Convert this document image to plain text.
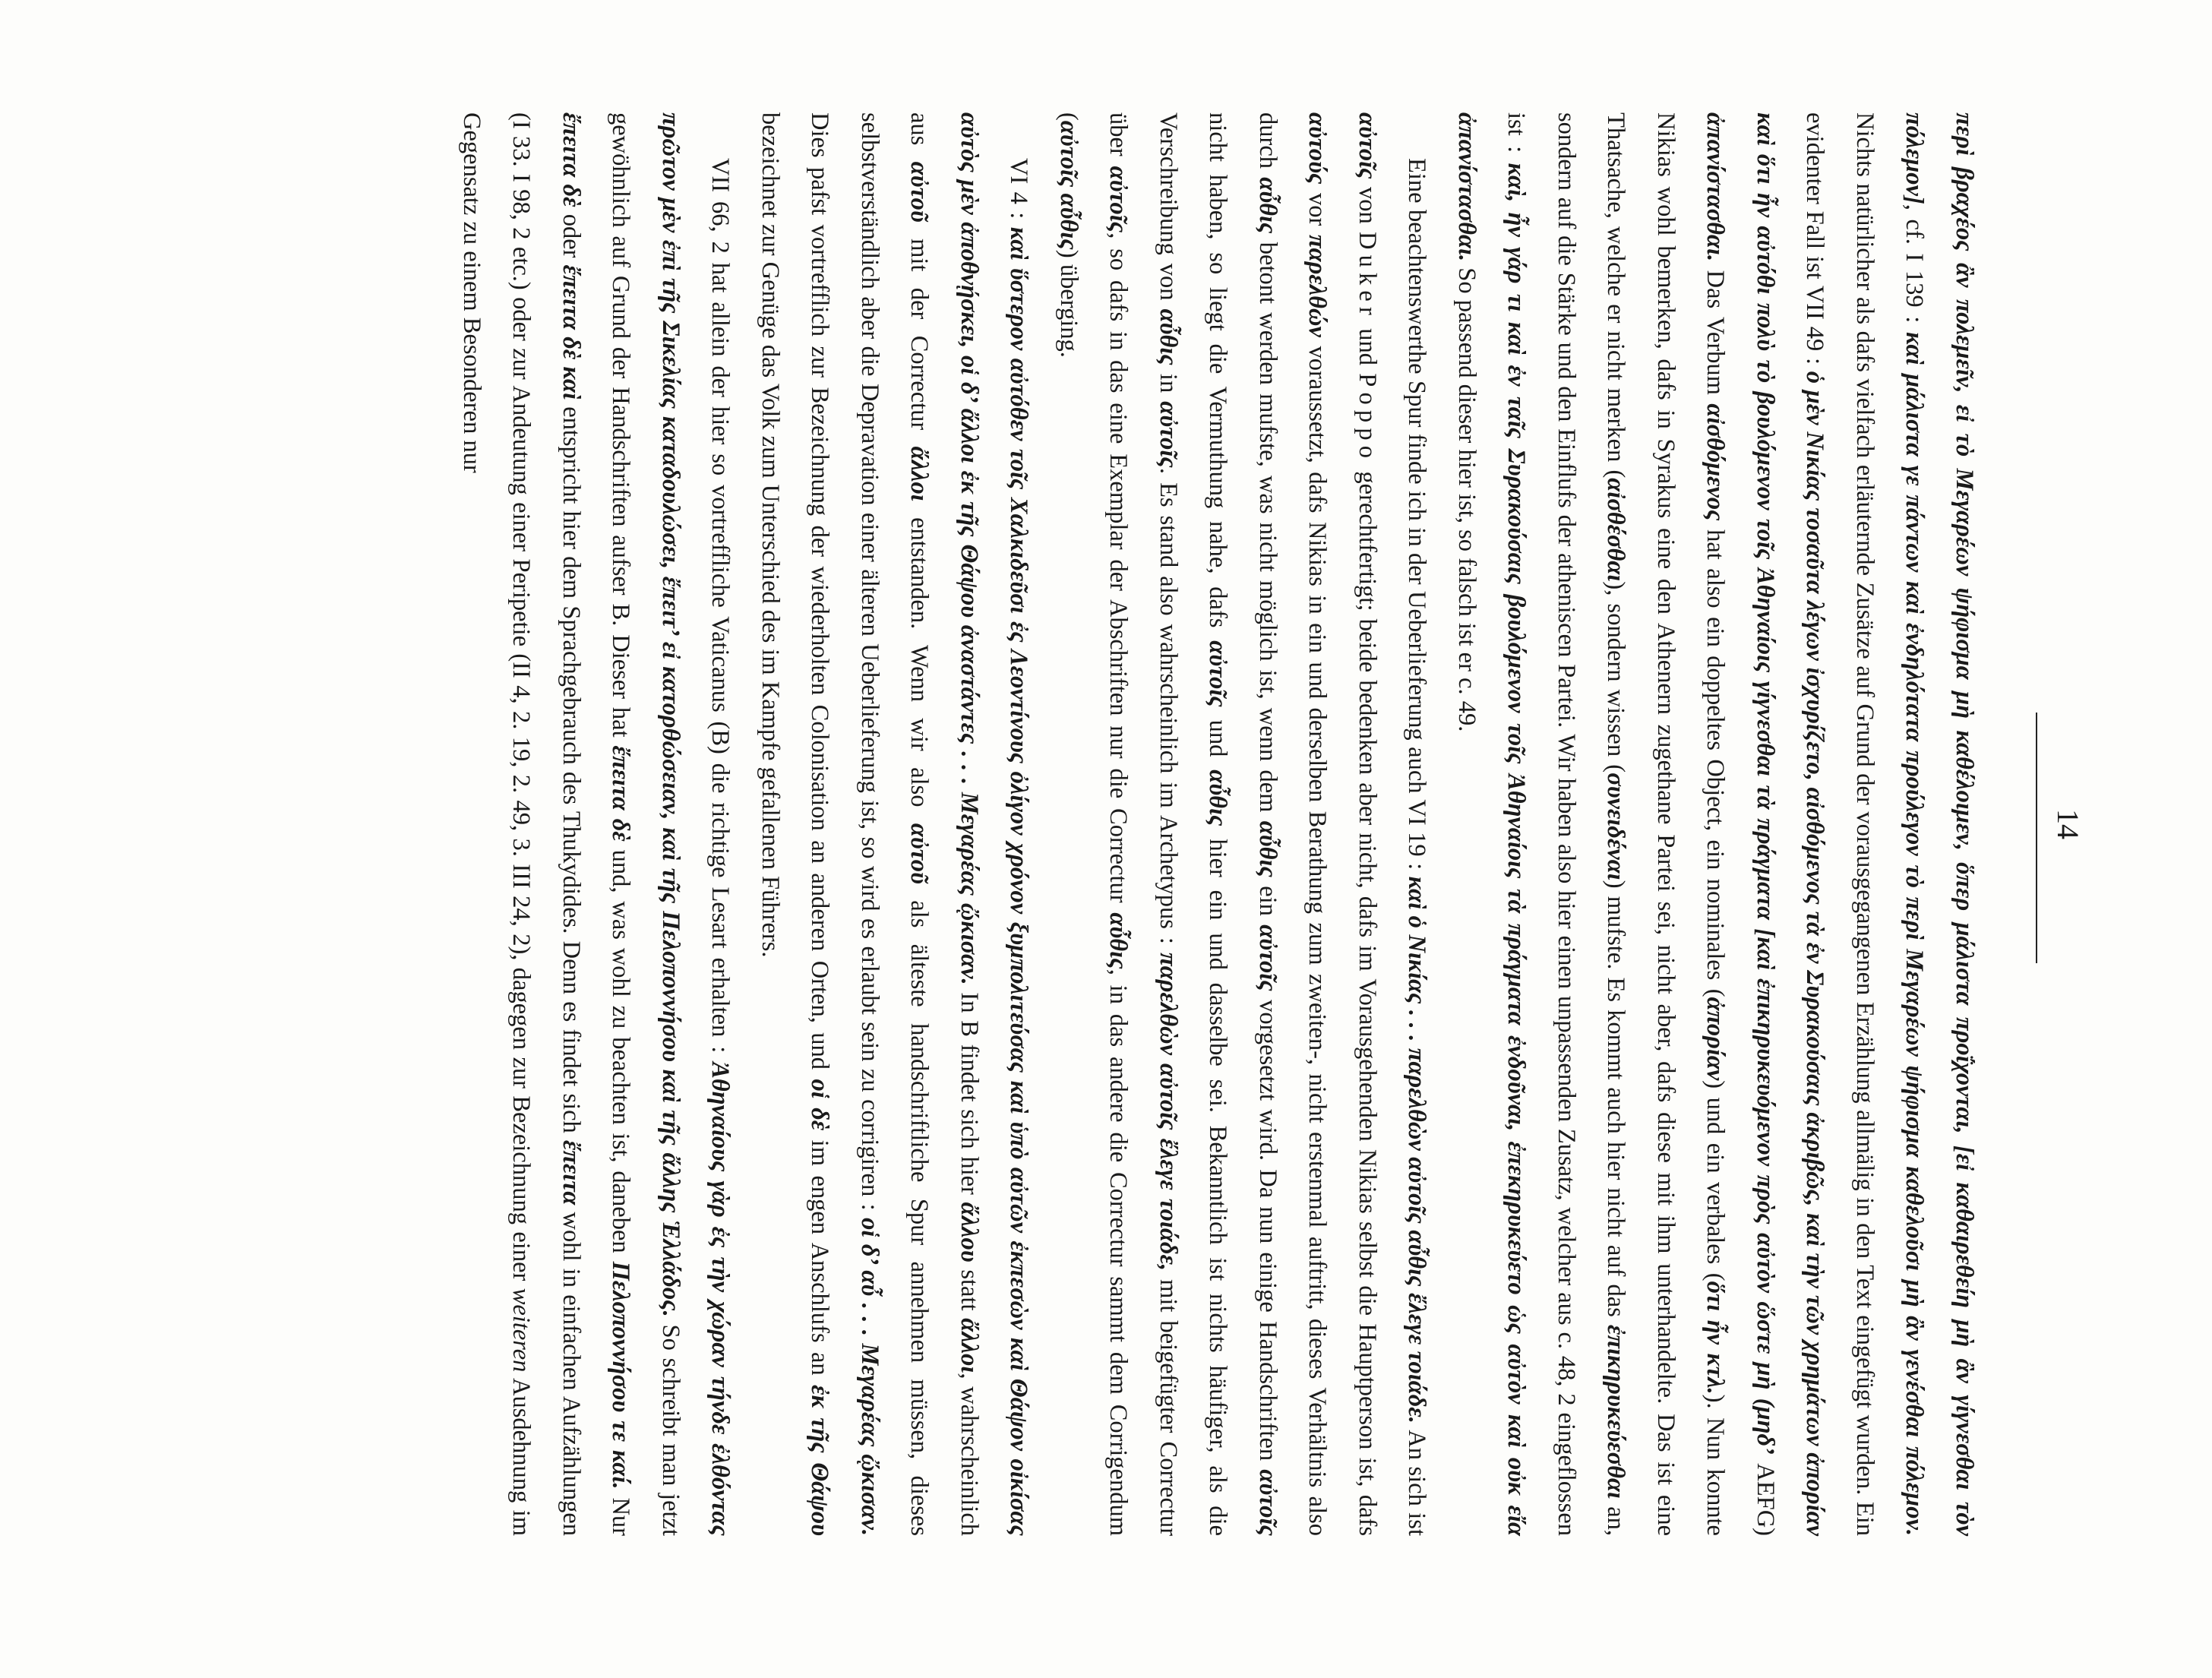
14

περὶ βραχέος ἂν πολεμεῖν, εἰ τὸ Μεγαρέων ψήφισμα μὴ καθέλοιμεν, ὅπερ μάλιστα προΐχονται, [εἰ καθαιρεθείη μὴ ἂν γίγνεσθαι τὸν πόλεμον], cf. I 139 : καὶ μάλιστα γε πάντων καὶ ἐνδηλότατα προύλεγον τὸ περὶ Μεγαρέων ψήφισμα καθελοῦσι μὴ ἂν γενέσθαι πόλεμον. Nichts natürlicher als dafs vielfach erläuternde Zusätze auf Grund der vorausgegangenen Erzählung allmälig in den Text eingefügt wurden. Ein evidenter Fall ist VII 49 : ὁ μὲν Νικίας τοσαῦτα λέγων ἰσχυρίζετο, αἰσθόμενος τὰ ἐν Συρακούσαις ἀκριβῶς, καὶ τὴν τῶν χρημάτων ἀπορίαν καὶ ὅτι ἦν αὐτόθι πολὺ τὸ βουλόμενον τοῖς Ἀθηναίοις γίγνεσθαι τὰ πράγματα [καὶ ἐπικηρυκευόμενον πρὸς αὐτὸν ὥστε μὴ (μηδ’ AEFG) ἀπανίστασθαι. Das Verbum αἰσθόμενος hat also ein doppeltes Object, ein nominales (ἀπορίαν) und ein verbales (ὅτι ἦν κτλ.). Nun konnte Nikias wohl bemerken, dafs in Syrakus eine den Athenern zugethane Partei sei, nicht aber, dafs diese mit ihm unterhandelte. Das ist eine Thatsache, welche er nicht merken (αἰσθέσθαι), sondern wissen (συνειδέναι) mufste. Es kommt auch hier nicht auf das ἐπικηρυκεύεσθαι an, sondern auf die Stärke und den Einflufs der atheniscen Partei. Wir haben also hier einen unpassenden Zusatz, welcher aus c. 48, 2 eingeflossen ist : καὶ, ἦν γάρ τι καὶ ἐν ταῖς Συρακούσαις βουλόμενον τοῖς Ἀθηναίοις τὰ πράγματα ἐνδοῦναι, ἐπεκηρυκεύετο ὡς αὐτὸν καὶ οὐκ εἴα ἀπανίστασθαι. So passend dieser hier ist, so falsch ist er c. 49.

Eine beachtenswerthe Spur finde ich in der Ueberlieferung auch VI 19 : καὶ ὁ Νικίας . . . παρελθὼν αὐτοῖς αὖθις ἔλεγε τοιάδε. An sich ist αὐτοῖς von Duker und Poppo gerechtfertigt; beide bedenken aber nicht, dafs im Vorausgehenden Nikias selbst die Hauptperson ist, dafs αὐτούς vor παρελθών voraussetzt, dafs Nikias in ein und derselben Berathung zum zweiten-, nicht erstenmal auftritt, dieses Verhältnis also durch αὖθις betont werden mufste, was nicht möglich ist, wenn dem αὖθις ein αὐτοῖς vorgesetzt wird. Da nun einige Handschriften αὐτοῖς nicht haben, so liegt die Vermuthung nahe, dafs αὐτοῖς und αὖθις hier ein und dasselbe sei. Bekanntlich ist nichts häufiger, als die Verschreibung von αὖθις in αὐτοῖς. Es stand also wahrscheinlich im Archetypus : παρελθὼν αὐτοῖς ἔλεγε τοιάδε, mit beigefügter Correctur über αὐτοῖς, so dafs in das eine Exemplar der Abschriften nur die Correctur αὖθις, in das andere die Correctur sammt dem Corrigendum (αὐτοῖς αὖθις) überging.

VI 4 : καὶ ὕστερον αὐτόθεν τοῖς Χαλκιδεῦσι ἐς Λεοντίνους ὀλίγον χρόνον ξυμπολιτεύσας καὶ ὑπὸ αὐτῶν ἐκπεσὼν καὶ Θάψον οἰκίσας αὐτὸς μὲν ἀποθνῄσκει, οἱ δ’ ἄλλοι ἐκ τῆς Θάψου ἀναστάντες . . . Μεγαρέας ᾤκισαν. In B findet sich hier ἄλλου statt ἄλλοι, wahrscheinlich aus αὐτοῦ mit der Correctur ἄλλοι entstanden. Wenn wir also αὐτοῦ als älteste handschriftliche Spur annehmen müssen, dieses selbstverständlich aber die Depravation einer älteren Ueberlieferung ist, so wird es erlaubt sein zu corrigiren : οἱ δ’ αὖ . . . Μεγαρέας ᾤκισαν. Dies pafst vortrefflich zur Bezeichnung der wiederholten Colonisation an anderen Orten, und οἱ δὲ im engen Anschlufs an ἐκ τῆς Θάψου bezeichnet zur Genüge das Volk zum Unterschied des im Kampfe gefallenen Führers.

VII 66, 2 hat allein der hier so vortreffliche Vaticanus (B) die richtige Lesart erhalten : Ἀθηναίους γὰρ ἐς τὴν χώραν τήνδε ἐλθόντας πρῶτον μὲν ἐπὶ τῆς Σικελίας καταδουλώσει, ἔπειτ’ εἰ κατορθώσειαν, καὶ τῆς Πελοποννήσου καὶ τῆς ἄλλης Ἑλλάδος. So schreibt man jetzt gewöhnlich auf Grund der Handschriften aufser B. Dieser hat ἔπειτα δὲ und, was wohl zu beachten ist, daneben Πελοποννήσου τε καί. Nur ἔπειτα δὲ oder ἔπειτα δὲ καὶ entspricht hier dem Sprachgebrauch des Thukydides. Denn es findet sich ἔπειτα wohl in einfachen Aufzählungen (I 33. I 98, 2 etc.) oder zur Andeutung einer Peripetie (II 4, 2. 19, 2. 49, 3. III 24, 2), dagegen zur Bezeichnung einer weiteren Ausdehnung im Gegensatz zu einem Besonderen nur
